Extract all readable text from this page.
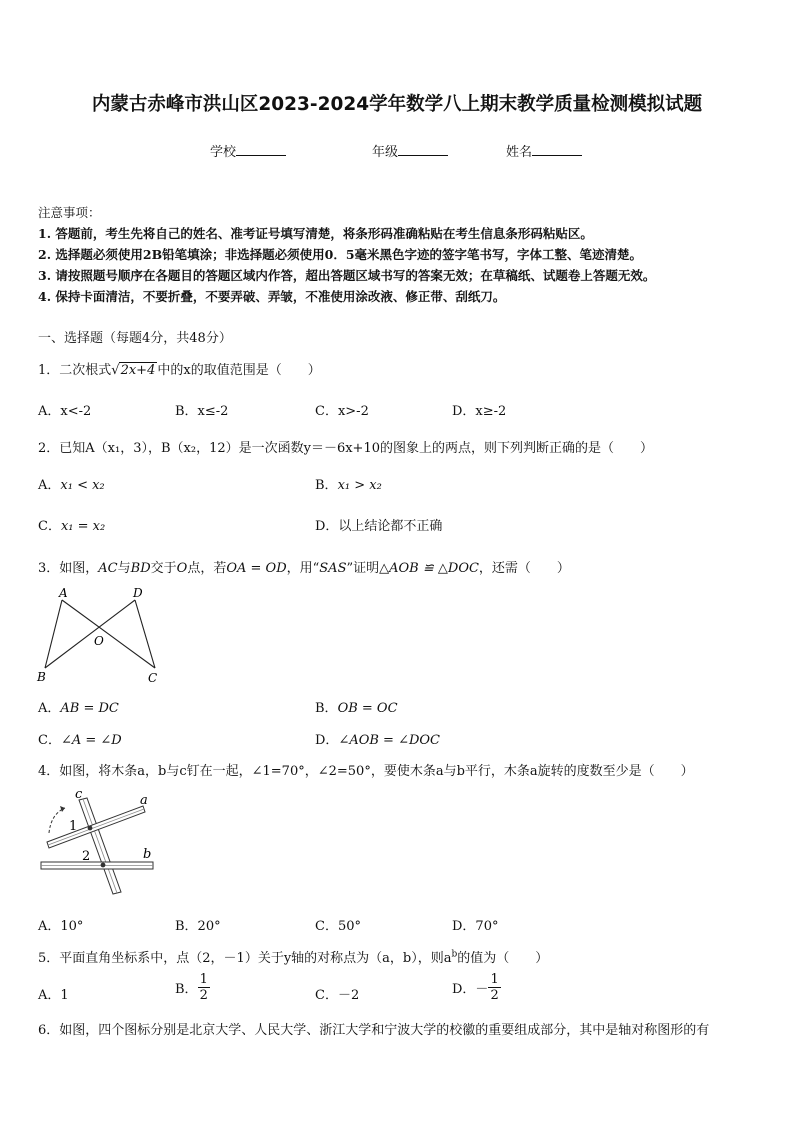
内蒙古赤峰市洪山区2023-2024学年数学八上期末教学质量检测模拟试题
学校	年级	姓名
注意事项：
1. 答题前，考生先将自己的姓名、准考证号填写清楚，将条形码准确粘贴在考生信息条形码粘贴区。
2. 选择题必须使用2B铅笔填涂；非选择题必须使用0．5毫米黑色字迹的签字笔书写，字体工整、笔迹清楚。
3. 请按照题号顺序在各题目的答题区域内作答，超出答题区域书写的答案无效；在草稿纸、试题卷上答题无效。
4. 保持卡面清洁，不要折叠，不要弄破、弄皱，不准使用涂改液、修正带、刮纸刀。
一、选择题（每题4分，共48分）
1．二次根式√2x+4 中的x的取值范围是（　　）
A．x<-2	B．x≤-2	C．x>-2	D．x≥-2
2．已知A（x₁，3），B（x₂，12）是一次函数y＝－6x+10的图象上的两点，则下列判断正确的是（　　）
A．x₁ < x₂	B．x₁ > x₂
C．x₁ = x₂	D．以上结论都不正确
3．如图，AC与BD交于O点，若OA = OD，用“SAS”证明△AOB ≌ △DOC，还需（　　）
A	D
O
B	C
A．AB = DC	B．OB = OC
C．∠A = ∠D	D．∠AOB = ∠DOC
4．如图，将木条a，b与c钉在一起，∠1=70°，∠2=50°，要使木条a与b平行，木条a旋转的度数至少是（　　）
c	a
1
2	b
A．10°	B．20°	C．50°	D．70°
5．平面直角坐标系中，点（2，－1）关于y轴的对称点为（a，b），则$a^b$的值为（　　）
A．1	B． $\frac{1}{2}$	C．－2	D．－ $\frac{1}{2}$
6．如图，四个图标分别是北京大学、人民大学、浙江大学和宁波大学的校徽的重要组成部分，其中是轴对称图形的有
